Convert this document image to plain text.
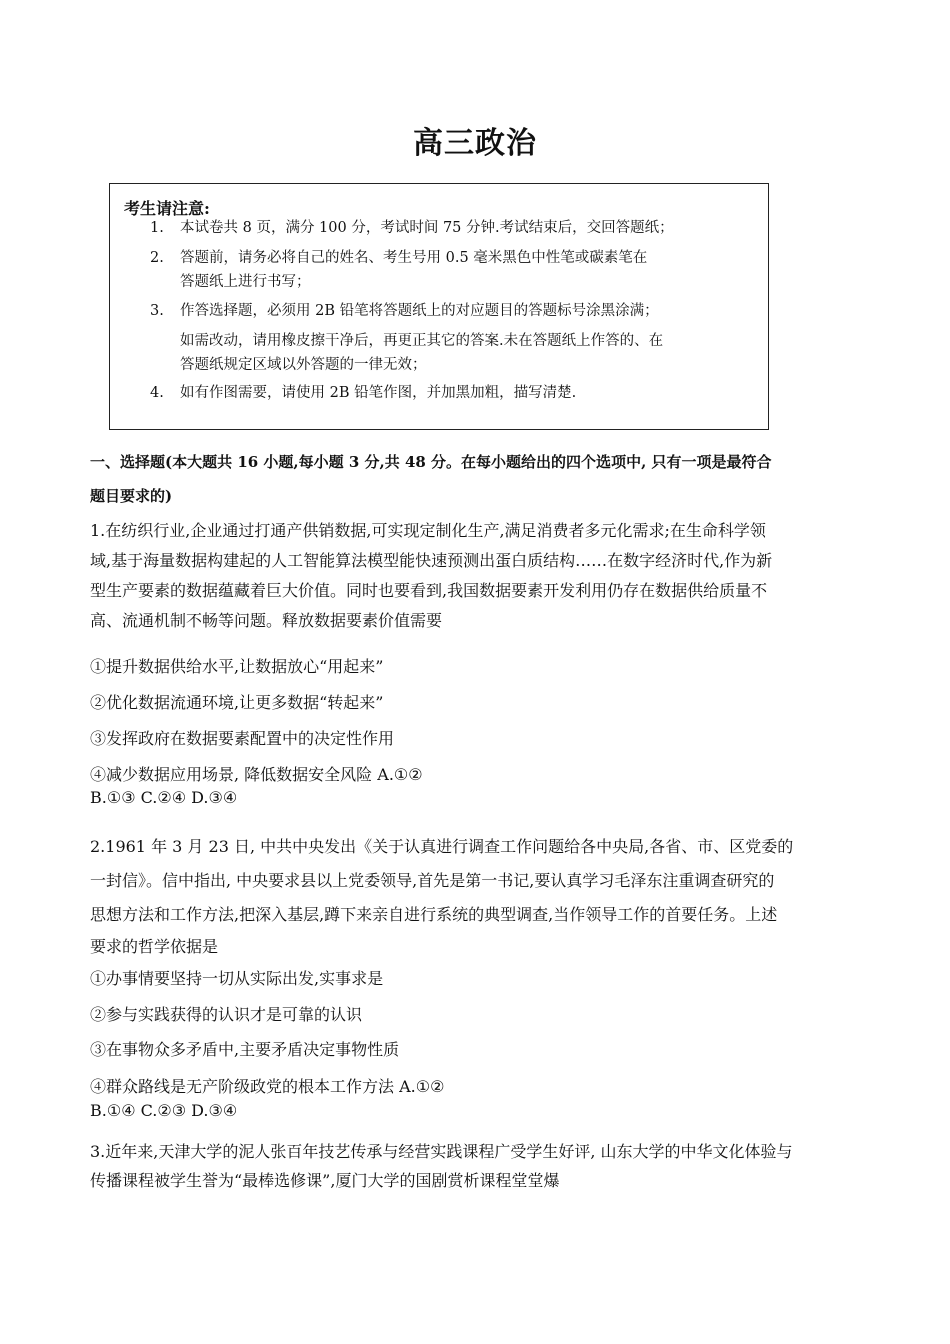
高三政治
考生请注意:
1. 本试卷共 8 页，满分 100 分，考试时间 75 分钟.考试结束后，交回答题纸；
2. 答题前，请务必将自己的姓名、考生号用 0.5 毫米黑色中性笔或碳素笔在
答题纸上进行书写；
3. 作答选择题，必须用 2B 铅笔将答题纸上的对应题目的答题标号涂黑涂满；
如需改动，请用橡皮擦干净后，再更正其它的答案.未在答题纸上作答的、在
答题纸规定区域以外答题的一律无效；
4. 如有作图需要，请使用 2B 铅笔作图，并加黑加粗，描写清楚.
一、选择题(本大题共 16 小题,每小题 3 分,共 48 分。在每小题给出的四个选项中, 只有一项是最符合
题目要求的)
1.在纺织行业,企业通过打通产供销数据,可实现定制化生产,满足消费者多元化需求;在生命科学领
域,基于海量数据构建起的人工智能算法模型能快速预测出蛋白质结构……在数字经济时代,作为新
型生产要素的数据蕴藏着巨大价值。同时也要看到,我国数据要素开发利用仍存在数据供给质量不
高、流通机制不畅等问题。释放数据要素价值需要
①提升数据供给水平,让数据放心“用起来”
②优化数据流通环境,让更多数据“转起来”
③发挥政府在数据要素配置中的决定性作用
④减少数据应用场景, 降低数据安全风险 A.①②
B.①③ C.②④ D.③④
2.1961 年 3 月 23 日, 中共中央发出《关于认真进行调查工作问题给各中央局,各省、市、区党委的
一封信》。信中指出, 中央要求县以上党委领导,首先是第一书记,要认真学习毛泽东注重调查研究的
思想方法和工作方法,把深入基层,蹲下来亲自进行系统的典型调查,当作领导工作的首要任务。上述
要求的哲学依据是
①办事情要坚持一切从实际出发,实事求是
②参与实践获得的认识才是可靠的认识
③在事物众多矛盾中,主要矛盾决定事物性质
④群众路线是无产阶级政党的根本工作方法 A.①②
B.①④ C.②③ D.③④
3.近年来,天津大学的泥人张百年技艺传承与经营实践课程广受学生好评, 山东大学的中华文化体验与
传播课程被学生誉为“最棒选修课”,厦门大学的国剧赏析课程堂堂爆
